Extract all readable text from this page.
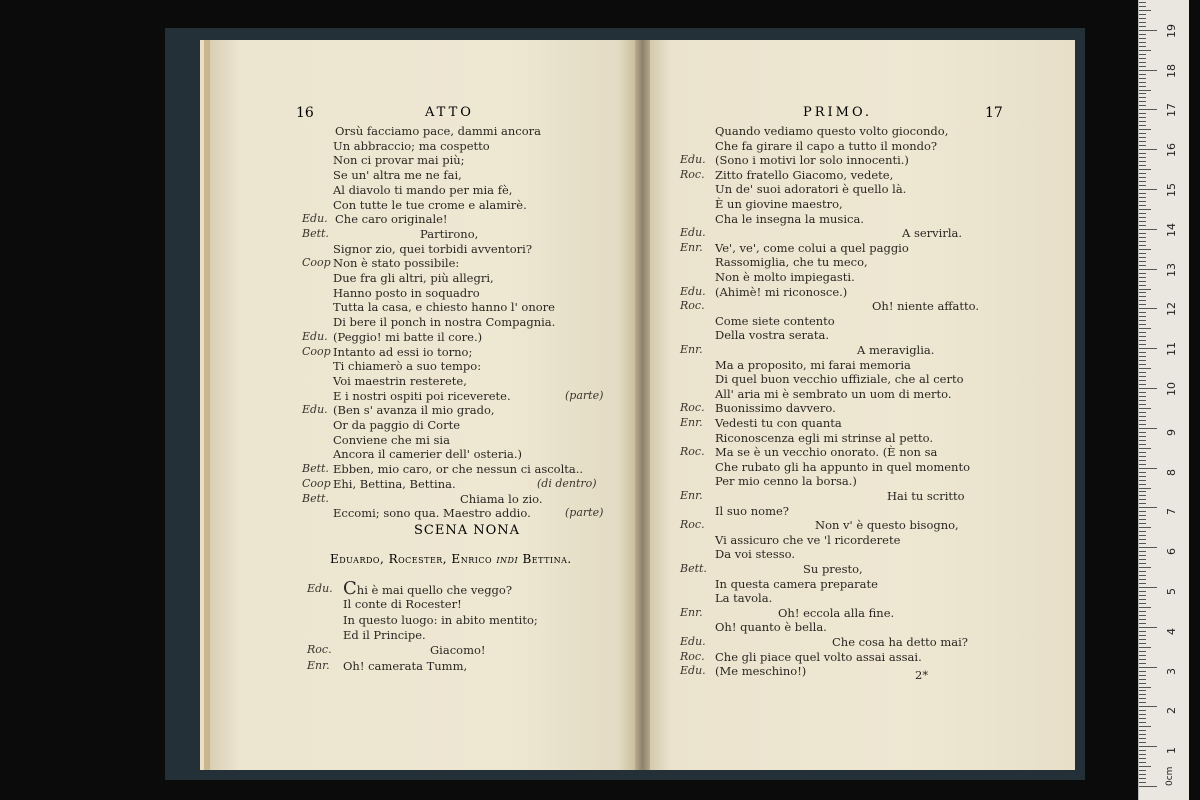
16	ATTO	PRIMO.	17
Orsù facciamo pace, dammi ancora
Un abbraccio; ma cospetto
Non ci provar mai più;
Se un' altra me ne fai,
Al diavolo ti mando per mia fè,
Con tutte le tue crome e alamirè.
Edu. Che caro originale!
Bett.	Partirono,
Signor zio, quei torbidi avventori?
Coop Non è stato possibile:
Due fra gli altri, più allegri,
Hanno posto in soquadro
Tutta la casa, e chiesto hanno l' onore
Di bere il ponch in nostra Compagnia.
Edu. (Peggio! mi batte il core.)
Coop Intanto ad essi io torno;
Ti chiamerò a suo tempo:
Voi maestrin resterete,
E i nostri ospiti poi riceverete.	(parte)
Edu. (Ben s' avanza il mio grado,
Or da paggio di Corte
Conviene che mi sia
Ancora il camerier dell' osteria.)
Bett. Ebben, mio caro, or che nessun ci ascolta..
Coop Ehi, Bettina, Bettina.	(di dentro)
Bett.	Chiama lo zio.
Eccomi; sono qua. Maestro addio.	(parte)
SCENA NONA
Eduardo, Rocester, Enrico indi Bettina.
Edu. Chi è mai quello che veggo?
Il conte di Rocester!
In questo luogo: in abito mentito;
Ed il Principe.
Roc.	Giacomo!
Enr. Oh! camerata Tumm,
Quando vediamo questo volto giocondo,
Che fa girare il capo a tutto il mondo?
Edu. (Sono i motivi lor solo innocenti.)
Roc. Zitto fratello Giacomo, vedete,
Un de' suoi adoratori è quello là.
È un giovine maestro,
Cha le insegna la musica.
Edu.	A servirla.
Enr. Ve', ve', come colui a quel paggio
Rassomiglia, che tu meco,
Non è molto impiegasti.
Edu. (Ahimè! mi riconosce.)
Roc.	Oh! niente affatto.
Come siete contento
Della vostra serata.
Enr.	A meraviglia.
Ma a proposito, mi farai memoria
Di quel buon vecchio uffiziale, che al certo
All' aria mi è sembrato un uom di merto.
Roc. Buonissimo davvero.
Enr. Vedesti tu con quanta
Riconoscenza egli mi strinse al petto.
Roc. Ma se è un vecchio onorato. (È non sa
Che rubato gli ha appunto in quel momento
Per mio cenno la borsa.)
Enr.	Hai tu scritto
Il suo nome?
Roc.	Non v' è questo bisogno,
Vi assicuro che ve 'l ricorderete
Da voi stesso.
Bett.	Su presto,
In questa camera preparate
La tavola.
Enr.	Oh! eccola alla fine.
Oh! quanto è bella.
Edu.	Che cosa ha detto mai?
Roc. Che gli piace quel volto assai assai.
Edu. (Me meschino!)	2*
0cm
1
2
3
4
5
6
7
8
9
10
11
12
13
14
15
16
17
18
19
